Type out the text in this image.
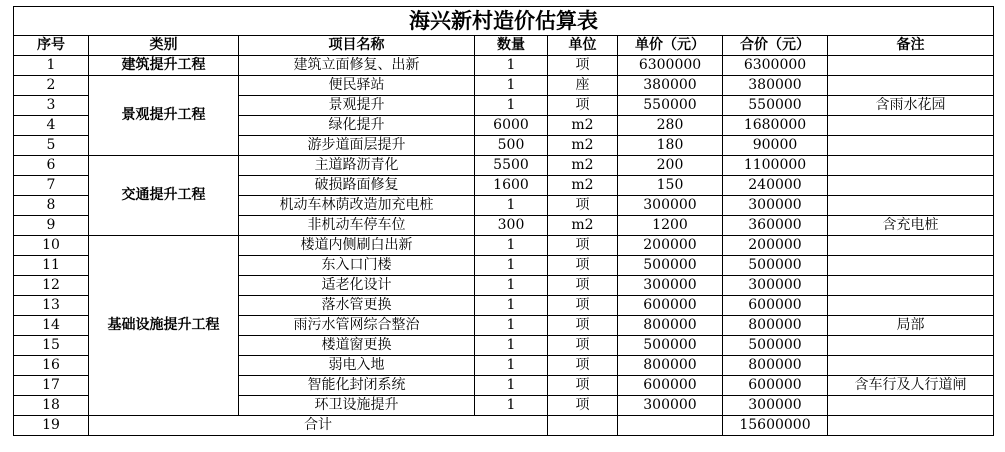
海兴新村造价估算表							
序号	类别	项目名称	数量	单位	单价（元）	合价（元）	备注
1	建筑提升工程	建筑立面修复、出新	1	项	6300000	6300000	
2	景观提升工程	便民驿站	1	座	380000	380000	
3		景观提升	1	项	550000	550000	含雨水花园
4		绿化提升	6000	m2	280	1680000	
5		游步道面层提升	500	m2	180	90000	
6	交通提升工程	主道路沥青化	5500	m2	200	1100000	
7		破损路面修复	1600	m2	150	240000	
8		机动车林荫改造加充电桩	1	项	300000	300000	
9		非机动车停车位	300	m2	1200	360000	含充电桩
10	基础设施提升工程	楼道内侧刷白出新	1	项	200000	200000	
11		东入口门楼	1	项	500000	500000	
12		适老化设计	1	项	300000	300000	
13		落水管更换	1	项	600000	600000	
14		雨污水管网综合整治	1	项	800000	800000	局部
15		楼道窗更换	1	项	500000	500000	
16		弱电入地	1	项	800000	800000	
17		智能化封闭系统	1	项	600000	600000	含车行及人行道闸
18		环卫设施提升	1	项	300000	300000	
19	合计					15600000	
